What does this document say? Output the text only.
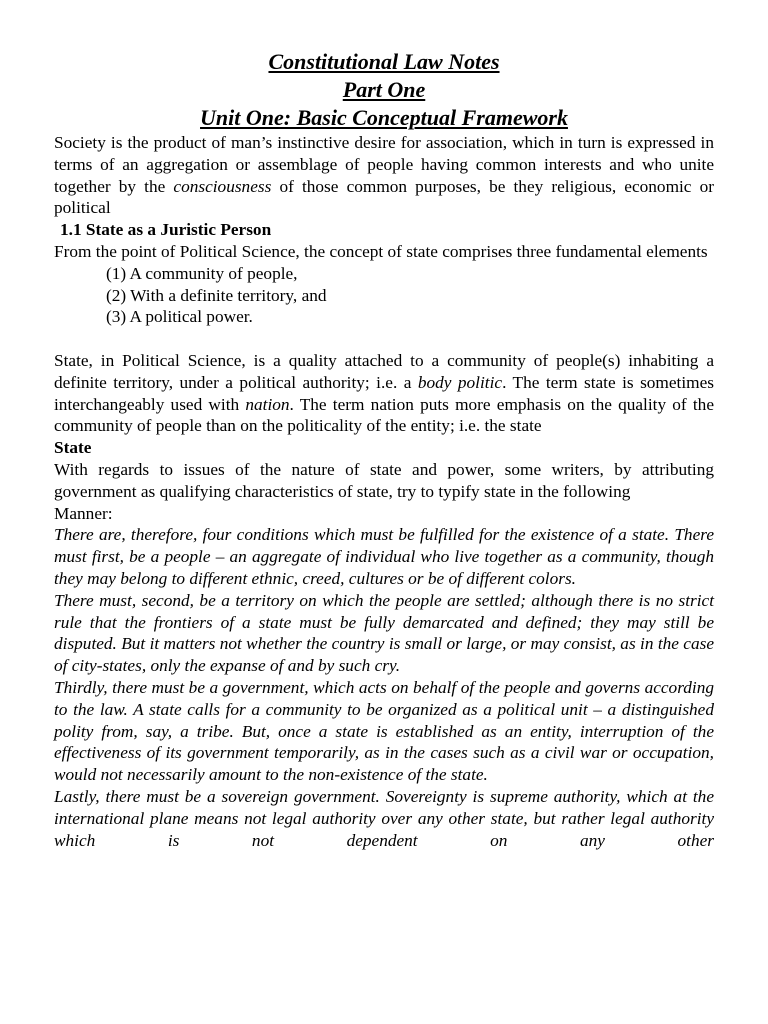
Constitutional Law Notes

Part One

Unit One: Basic Conceptual Framework

Society is the product of man’s instinctive desire for association, which in turn is expressed in terms of an aggregation or assemblage of people having common interests and who unite together by the consciousness of those common purposes, be they religious, economic or political

1.1 State as a Juristic Person

From the point of Political Science, the concept of state comprises three fundamental elements

(1) A community of people,

(2) With a definite territory, and

(3) A political power.

State, in Political Science, is a quality attached to a community of people(s) inhabiting a definite territory, under a political authority; i.e. a body politic. The term state is sometimes interchangeably used with nation. The term nation puts more emphasis on the quality of the community of people than on the politicality of the entity; i.e. the state

State

With regards to issues of the nature of state and power, some writers, by attributing government as qualifying characteristics of state, try to typify state in the following

Manner:

There are, therefore, four conditions which must be fulfilled for the existence of a state. There must first, be a people – an aggregate of individual who live together as a community, though they may belong to different ethnic, creed, cultures or be of different colors.

There must, second, be a territory on which the people are settled; although there is no strict rule that the frontiers of a state must be fully demarcated and defined; they may still be disputed. But it matters not whether the country is small or large, or may consist, as in the case of city-states, only the expanse of and by such cry.

Thirdly, there must be a government, which acts on behalf of the people and governs according to the law. A state calls for a community to be organized as a political unit – a distinguished polity from, say, a tribe. But, once a state is established as an entity, interruption of the effectiveness of its government temporarily, as in the cases such as a civil war or occupation, would not necessarily amount to the non-existence of the state.

Lastly, there must be a sovereign government. Sovereignty is supreme authority, which at the international plane means not legal authority over any other state, but rather legal authority which is not dependent on any other
